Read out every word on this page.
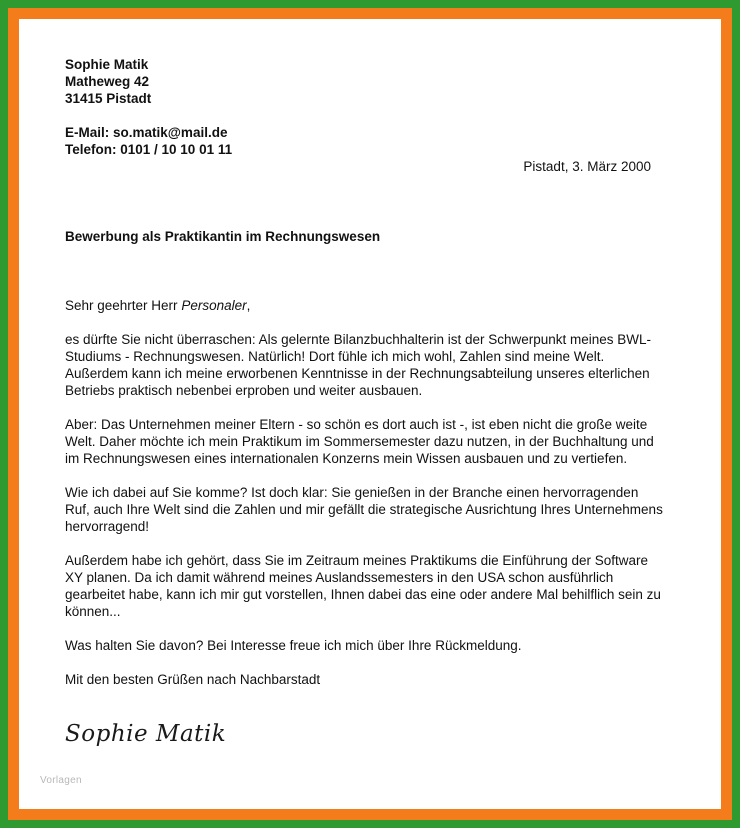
Sophie Matik
Matheweg 42
31415 Pistadt
E-Mail: so.matik@mail.de
Telefon: 0101 / 10 10 01 11
Pistadt, 3. März 2000
Bewerbung als Praktikantin im Rechnungswesen

Sehr geehrter Herr Personaler,

es dürfte Sie nicht überraschen: Als gelernte Bilanzbuchhalterin ist der Schwerpunkt meines BWL-Studiums - Rechnungswesen. Natürlich! Dort fühle ich mich wohl, Zahlen sind meine Welt. Außerdem kann ich meine erworbenen Kenntnisse in der Rechnungsabteilung unseres elterlichen Betriebs praktisch nebenbei erproben und weiter ausbauen.

Aber: Das Unternehmen meiner Eltern - so schön es dort auch ist -, ist eben nicht die große weite Welt. Daher möchte ich mein Praktikum im Sommersemester dazu nutzen, in der Buchhaltung und im Rechnungswesen eines internationalen Konzerns mein Wissen ausbauen und zu vertiefen.

Wie ich dabei auf Sie komme? Ist doch klar: Sie genießen in der Branche einen hervorragenden Ruf, auch Ihre Welt sind die Zahlen und mir gefällt die strategische Ausrichtung Ihres Unternehmens hervorragend!

Außerdem habe ich gehört, dass Sie im Zeitraum meines Praktikums die Einführung der Software XY planen. Da ich damit während meines Auslandssemesters in den USA schon ausführlich gearbeitet habe, kann ich mir gut vorstellen, Ihnen dabei das eine oder andere Mal behilflich sein zu können...

Was halten Sie davon? Bei Interesse freue ich mich über Ihre Rückmeldung.

Mit den besten Grüßen nach Nachbarstadt

Sophie Matik
Vorlagen
